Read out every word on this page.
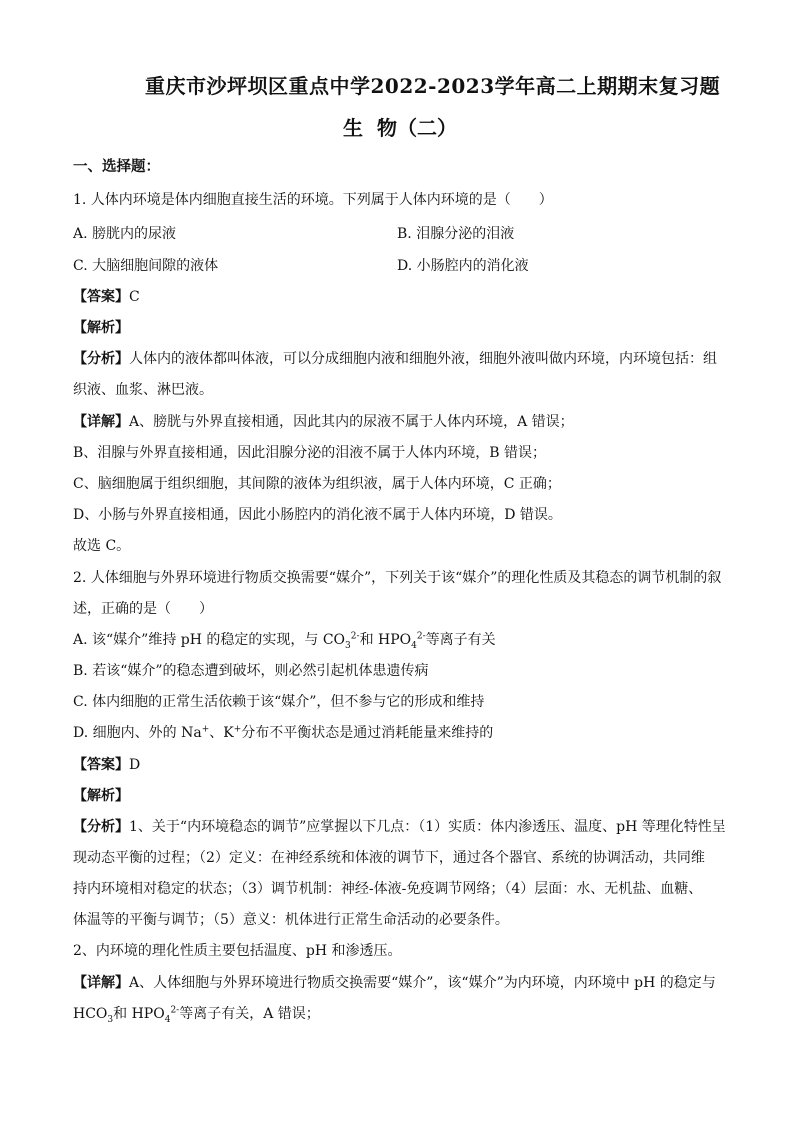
重庆市沙坪坝区重点中学2022-2023学年高二上期期末复习题
生物（二）
一、选择题：
1. 人体内环境是体内细胞直接生活的环境。下列属于人体内环境的是（　　）
A. 膀胱内的尿液	B. 泪腺分泌的泪液
C. 大脑细胞间隙的液体	D. 小肠腔内的消化液
【答案】C
【解析】
【分析】人体内的液体都叫体液，可以分成细胞内液和细胞外液，细胞外液叫做内环境，内环境包括：组
织液、血浆、淋巴液。
【详解】A、膀胱与外界直接相通，因此其内的尿液不属于人体内环境，A 错误；
B、泪腺与外界直接相通，因此泪腺分泌的泪液不属于人体内环境，B 错误；
C、脑细胞属于组织细胞，其间隙的液体为组织液，属于人体内环境，C 正确；
D、小肠与外界直接相通，因此小肠腔内的消化液不属于人体内环境，D 错误。
故选 C。
2. 人体细胞与外界环境进行物质交换需要“媒介”，下列关于该“媒介”的理化性质及其稳态的调节机制的叙
述，正确的是（　　）
A. 该“媒介”维持 pH 的稳定的实现，与 $CO_3^{2-}$和 $HPO_4^{2-}$等离子有关
B. 若该“媒介”的稳态遭到破坏，则必然引起机体患遗传病
C. 体内细胞的正常生活依赖于该“媒介”，但不参与它的形成和维持
D. 细胞内、外的 Na+、K+分布不平衡状态是通过消耗能量来维持的
【答案】D
【解析】
【分析】1、关于“内环境稳态的调节”应掌握以下几点：（1）实质：体内渗透压、温度、pH 等理化特性呈
现动态平衡的过程；（2）定义：在神经系统和体液的调节下，通过各个器官、系统的协调活动，共同维
持内环境相对稳定的状态；（3）调节机制：神经-体液-免疫调节网络；（4）层面：水、无机盐、血糖、
体温等的平衡与调节；（5）意义：机体进行正常生命活动的必要条件。
2、内环境的理化性质主要包括温度、pH 和渗透压。
【详解】A、人体细胞与外界环境进行物质交换需要“媒介”，该“媒介”为内环境，内环境中 pH 的稳定与
$HCO_3$和 $HPO_4^{2-}$等离子有关，A 错误；
